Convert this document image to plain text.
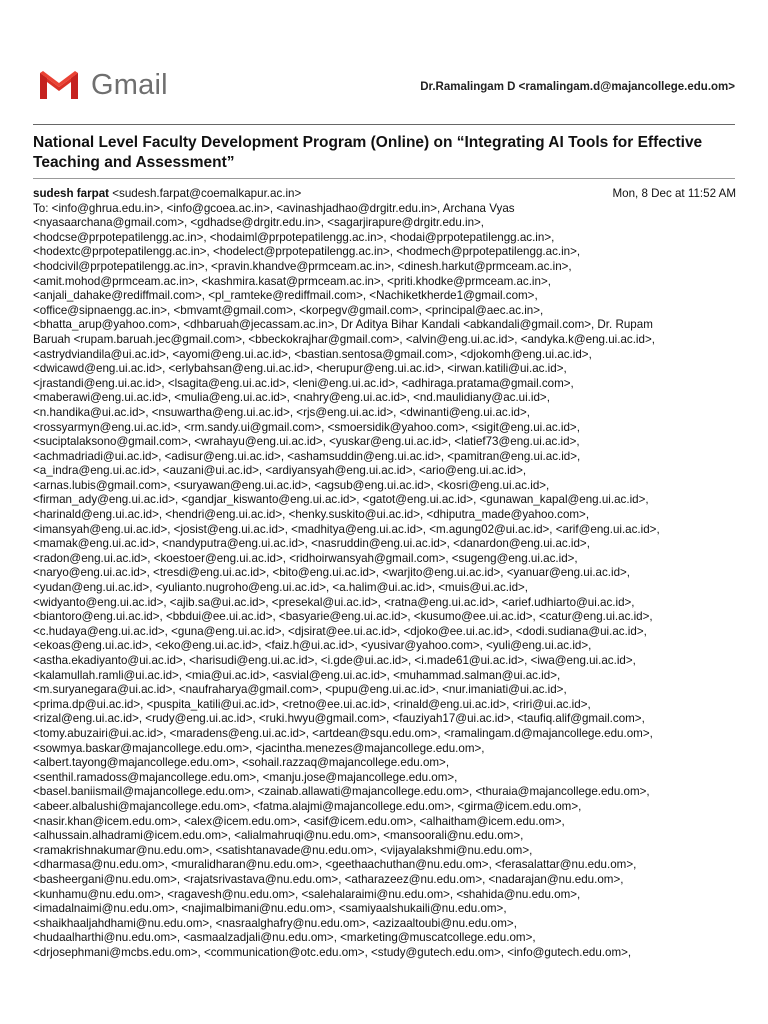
Gmail	Dr.Ramalingam D <ramalingam.d@majancollege.edu.om>
National Level Faculty Development Program (Online) on “Integrating AI Tools for Effective Teaching and Assessment”
sudesh farpat <sudesh.farpat@coemalkapur.ac.in>	Mon, 8 Dec at 11:52 AM
To: <info@ghrua.edu.in>, <info@gcoea.ac.in>, <avinashjadhao@drgitr.edu.in>, Archana Vyas
<nyasaarchana@gmail.com>, <gdhadse@drgitr.edu.in>, <sagarjirapure@drgitr.edu.in>,
<hodcse@prpotepatilengg.ac.in>, <hodaiml@prpotepatilengg.ac.in>, <hodai@prpotepatilengg.ac.in>,
<hodextc@prpotepatilengg.ac.in>, <hodelect@prpotepatilengg.ac.in>, <hodmech@prpotepatilengg.ac.in>,
<hodcivil@prpotepatilengg.ac.in>, <pravin.khandve@prmceam.ac.in>, <dinesh.harkut@prmceam.ac.in>,
<amit.mohod@prmceam.ac.in>, <kashmira.kasat@prmceam.ac.in>, <priti.khodke@prmceam.ac.in>,
<anjali_dahake@rediffmail.com>, <pl_ramteke@rediffmail.com>, <Nachiketkherde1@gmail.com>,
<office@sipnaengg.ac.in>, <bmvamt@gmail.com>, <korpegv@gmail.com>, <principal@aec.ac.in>,
<bhatta_arup@yahoo.com>, <dhbaruah@jecassam.ac.in>, Dr Aditya Bihar Kandali <abkandali@gmail.com>, Dr. Rupam
Baruah <rupam.baruah.jec@gmail.com>, <bbeckokrajhar@gmail.com>, <alvin@eng.ui.ac.id>, <andyka.k@eng.ui.ac.id>,
<astrydviandila@ui.ac.id>, <ayomi@eng.ui.ac.id>, <bastian.sentosa@gmail.com>, <djokomh@eng.ui.ac.id>,
<dwicawd@eng.ui.ac.id>, <erlybahsan@eng.ui.ac.id>, <herupur@eng.ui.ac.id>, <irwan.katili@ui.ac.id>,
<jrastandi@eng.ui.ac.id>, <lsagita@eng.ui.ac.id>, <leni@eng.ui.ac.id>, <adhiraga.pratama@gmail.com>,
<maberawi@eng.ui.ac.id>, <mulia@eng.ui.ac.id>, <nahry@eng.ui.ac.id>, <nd.maulidiany@ac.ui.id>,
<n.handika@ui.ac.id>, <nsuwartha@eng.ui.ac.id>, <rjs@eng.ui.ac.id>, <dwinanti@eng.ui.ac.id>,
<rossyarmyn@eng.ui.ac.id>, <rm.sandy.ui@gmail.com>, <smoersidik@yahoo.com>, <sigit@eng.ui.ac.id>,
<suciptalaksono@gmail.com>, <wrahayu@eng.ui.ac.id>, <yuskar@eng.ui.ac.id>, <latief73@eng.ui.ac.id>,
<achmadriadi@ui.ac.id>, <adisur@eng.ui.ac.id>, <ashamsuddin@eng.ui.ac.id>, <pamitran@eng.ui.ac.id>,
<a_indra@eng.ui.ac.id>, <auzani@ui.ac.id>, <ardiyansyah@eng.ui.ac.id>, <ario@eng.ui.ac.id>,
<arnas.lubis@gmail.com>, <suryawan@eng.ui.ac.id>, <agsub@eng.ui.ac.id>, <kosri@eng.ui.ac.id>,
<firman_ady@eng.ui.ac.id>, <gandjar_kiswanto@eng.ui.ac.id>, <gatot@eng.ui.ac.id>, <gunawan_kapal@eng.ui.ac.id>,
<harinald@eng.ui.ac.id>, <hendri@eng.ui.ac.id>, <henky.suskito@ui.ac.id>, <dhiputra_made@yahoo.com>,
<imansyah@eng.ui.ac.id>, <josist@eng.ui.ac.id>, <madhitya@eng.ui.ac.id>, <m.agung02@ui.ac.id>, <arif@eng.ui.ac.id>,
<mamak@eng.ui.ac.id>, <nandyputra@eng.ui.ac.id>, <nasruddin@eng.ui.ac.id>, <danardon@eng.ui.ac.id>,
<radon@eng.ui.ac.id>, <koestoer@eng.ui.ac.id>, <ridhoirwansyah@gmail.com>, <sugeng@eng.ui.ac.id>,
<naryo@eng.ui.ac.id>, <tresdi@eng.ui.ac.id>, <bito@eng.ui.ac.id>, <warjito@eng.ui.ac.id>, <yanuar@eng.ui.ac.id>,
<yudan@eng.ui.ac.id>, <yulianto.nugroho@eng.ui.ac.id>, <a.halim@ui.ac.id>, <muis@ui.ac.id>,
<widyanto@eng.ui.ac.id>, <ajib.sa@ui.ac.id>, <presekal@ui.ac.id>, <ratna@eng.ui.ac.id>, <arief.udhiarto@ui.ac.id>,
<biantoro@eng.ui.ac.id>, <bbdui@ee.ui.ac.id>, <basyarie@eng.ui.ac.id>, <kusumo@ee.ui.ac.id>, <catur@eng.ui.ac.id>,
<c.hudaya@eng.ui.ac.id>, <guna@eng.ui.ac.id>, <djsirat@ee.ui.ac.id>, <djoko@ee.ui.ac.id>, <dodi.sudiana@ui.ac.id>,
<ekoas@eng.ui.ac.id>, <eko@eng.ui.ac.id>, <faiz.h@ui.ac.id>, <yusivar@yahoo.com>, <yuli@eng.ui.ac.id>,
<astha.ekadiyanto@ui.ac.id>, <harisudi@eng.ui.ac.id>, <i.gde@ui.ac.id>, <i.made61@ui.ac.id>, <iwa@eng.ui.ac.id>,
<kalamullah.ramli@ui.ac.id>, <mia@ui.ac.id>, <asvial@eng.ui.ac.id>, <muhammad.salman@ui.ac.id>,
<m.suryanegara@ui.ac.id>, <naufraharya@gmail.com>, <pupu@eng.ui.ac.id>, <nur.imaniati@ui.ac.id>,
<prima.dp@ui.ac.id>, <puspita_katili@ui.ac.id>, <retno@ee.ui.ac.id>, <rinald@eng.ui.ac.id>, <riri@ui.ac.id>,
<rizal@eng.ui.ac.id>, <rudy@eng.ui.ac.id>, <ruki.hwyu@gmail.com>, <fauziyah17@ui.ac.id>, <taufiq.alif@gmail.com>,
<tomy.abuzairi@ui.ac.id>, <maradens@eng.ui.ac.id>, <artdean@squ.edu.om>, <ramalingam.d@majancollege.edu.om>,
<sowmya.baskar@majancollege.edu.om>, <jacintha.menezes@majancollege.edu.om>,
<albert.tayong@majancollege.edu.om>, <sohail.razzaq@majancollege.edu.om>,
<senthil.ramadoss@majancollege.edu.om>, <manju.jose@majancollege.edu.om>,
<basel.baniismail@majancollege.edu.om>, <zainab.allawati@majancollege.edu.om>, <thuraia@majancollege.edu.om>,
<abeer.albalushi@majancollege.edu.om>, <fatma.alajmi@majancollege.edu.om>, <girma@icem.edu.om>,
<nasir.khan@icem.edu.om>, <alex@icem.edu.om>, <asif@icem.edu.om>, <alhaitham@icem.edu.om>,
<alhussain.alhadrami@icem.edu.om>, <alialmahruqi@nu.edu.om>, <mansoorali@nu.edu.om>,
<ramakrishnakumar@nu.edu.om>, <satishtanavade@nu.edu.om>, <vijayalakshmi@nu.edu.om>,
<dharmasa@nu.edu.om>, <muralidharan@nu.edu.om>, <geethaachuthan@nu.edu.om>, <ferasalattar@nu.edu.om>,
<basheergani@nu.edu.om>, <rajatsrivastava@nu.edu.om>, <atharazeez@nu.edu.om>, <nadarajan@nu.edu.om>,
<kunhamu@nu.edu.om>, <ragavesh@nu.edu.om>, <salehalaraimi@nu.edu.om>, <shahida@nu.edu.om>,
<imadalnaimi@nu.edu.om>, <najimalbimani@nu.edu.om>, <samiyaalshukaili@nu.edu.om>,
<shaikhaaljahdhami@nu.edu.om>, <nasraalghafry@nu.edu.om>, <azizaaltoubi@nu.edu.om>,
<hudaalharthi@nu.edu.om>, <asmaalzadjali@nu.edu.om>, <marketing@muscatcollege.edu.om>,
<drjosephmani@mcbs.edu.om>, <communication@otc.edu.om>, <study@gutech.edu.om>, <info@gutech.edu.om>,
